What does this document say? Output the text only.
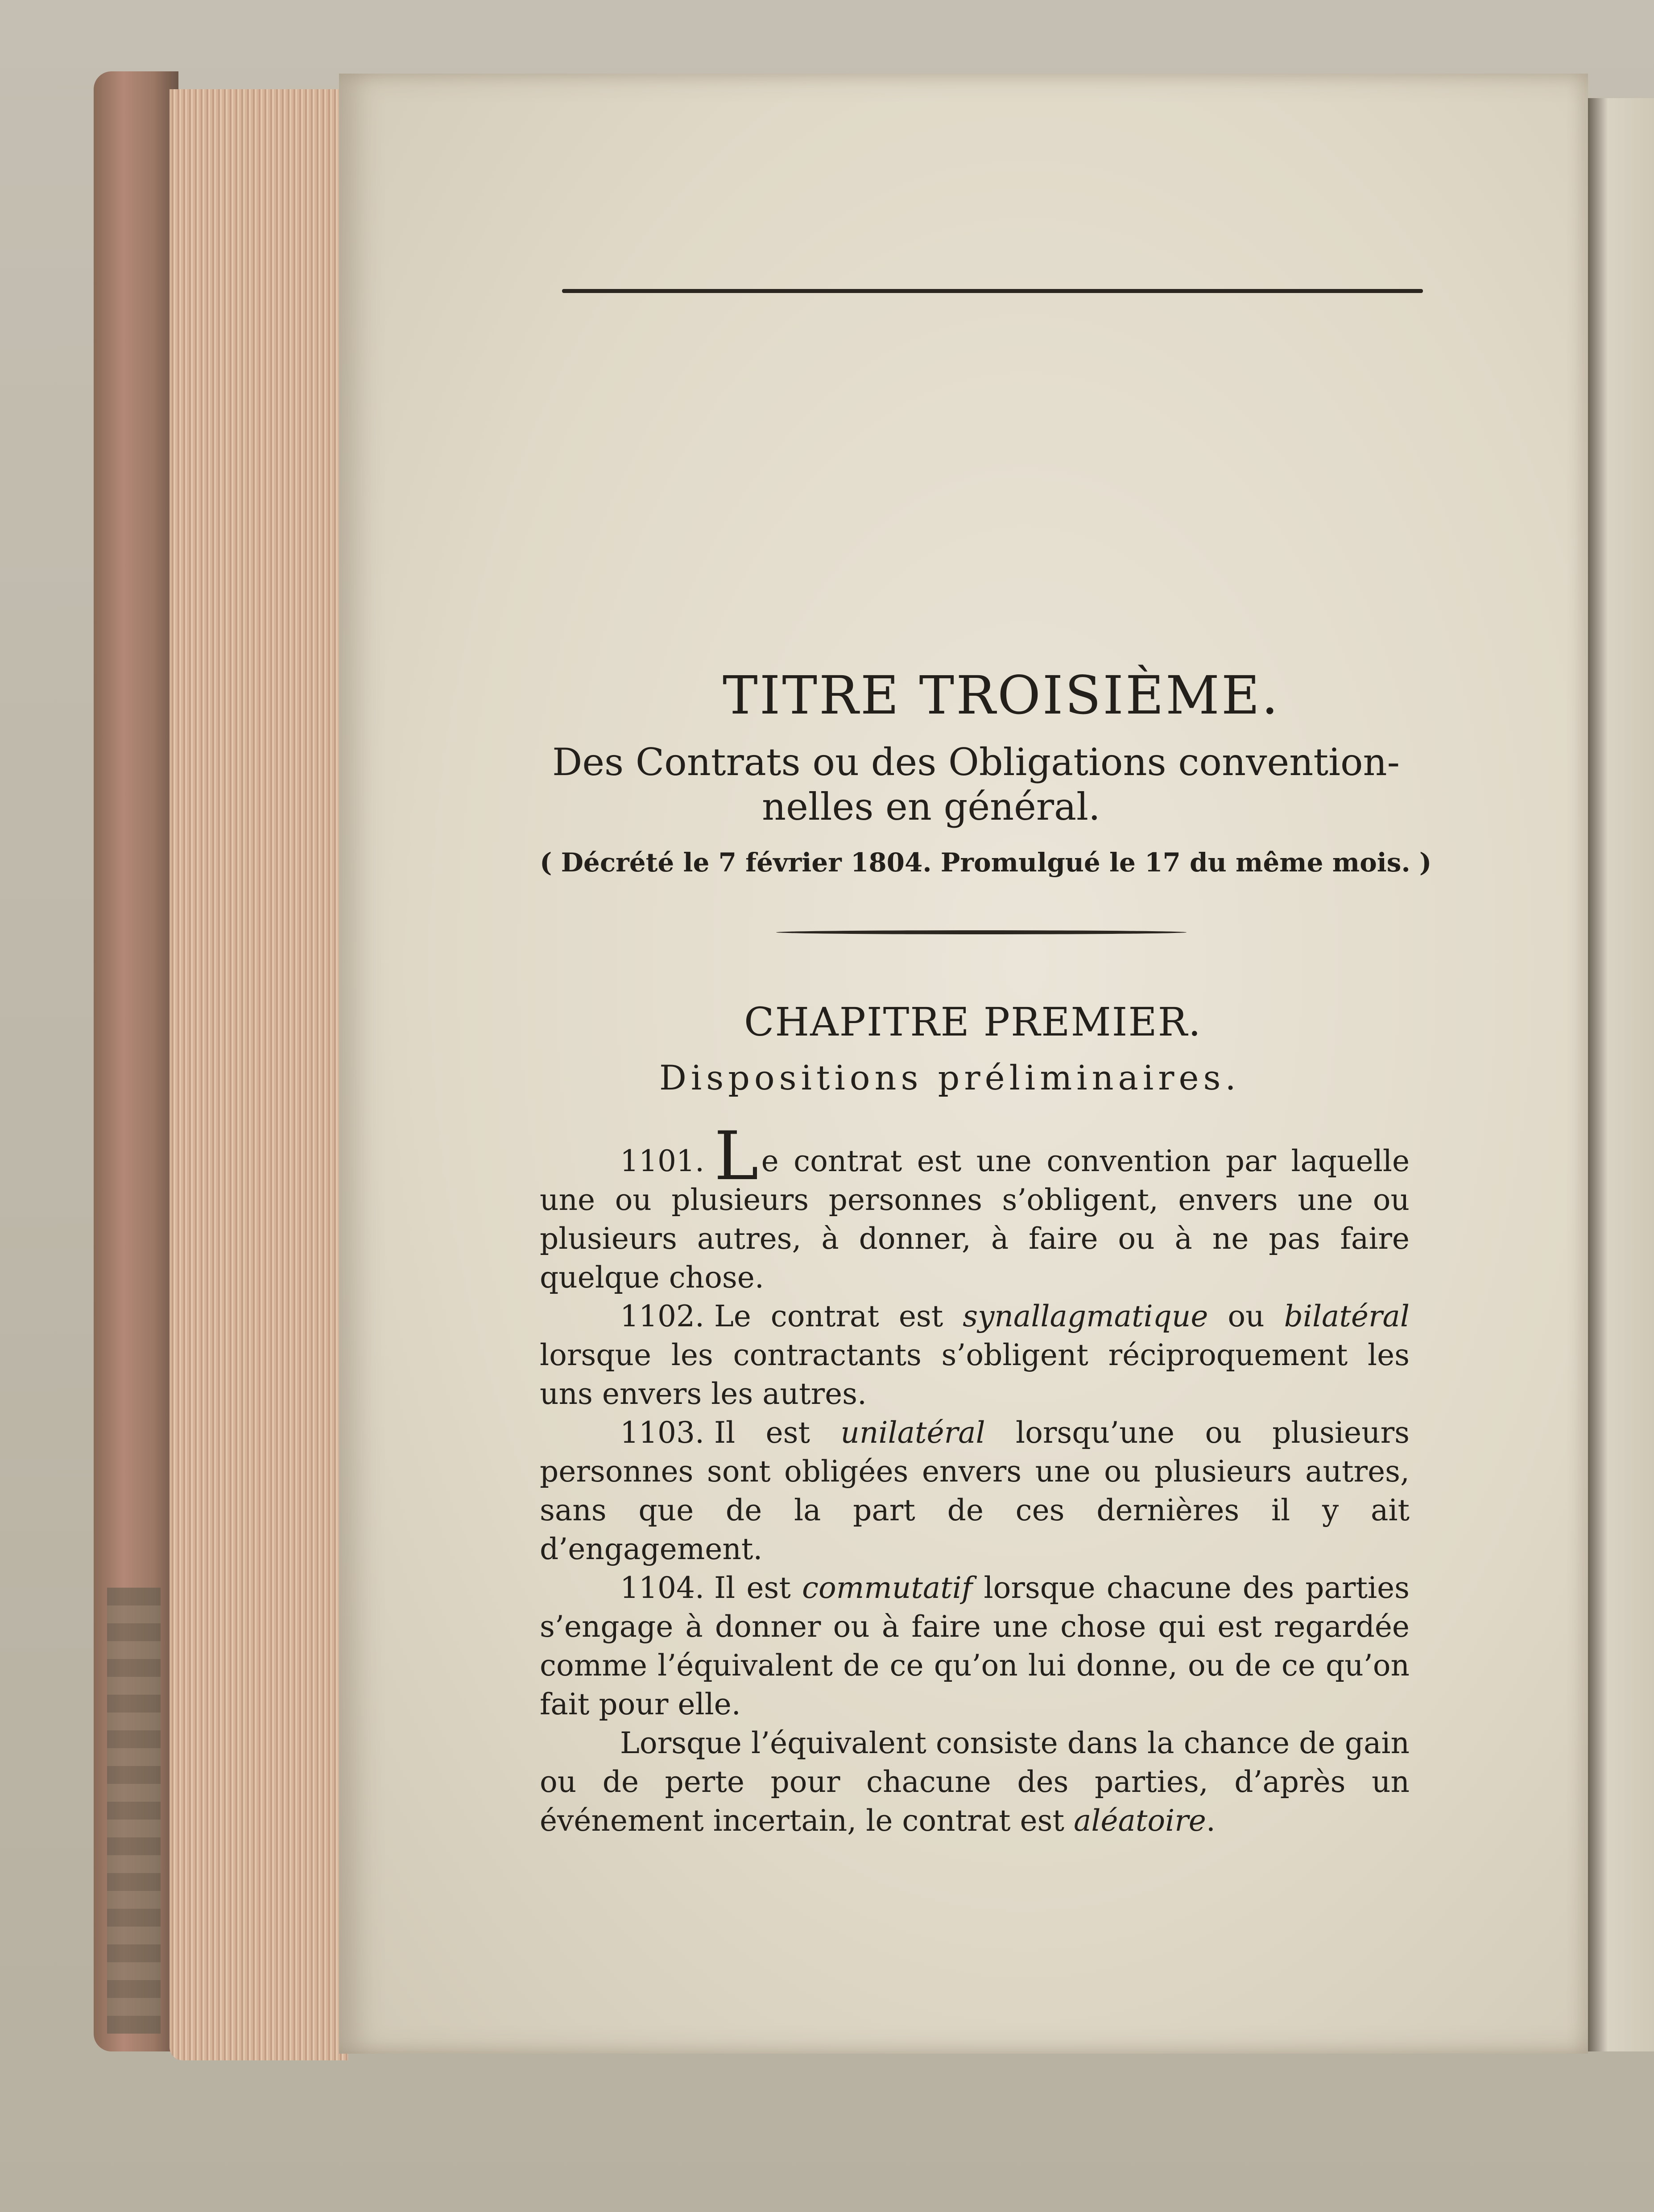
TITRE TROISIÈME.
Des Contrats ou des Obligations convention-
nelles en général.
( Décrété le 7 février 1804. Promulgué le 17 du même mois. )
CHAPITRE PREMIER.
Dispositions préliminaires.

1101. Le contrat est une convention par laquelle une ou plusieurs personnes s’obligent, envers une ou plusieurs autres, à donner, à faire ou à ne pas faire quelque chose.

1102. Le contrat est synallagmatique ou bilatéral lorsque les contractants s’obligent réciproquement les uns envers les autres.

1103. Il est unilatéral lorsqu’une ou plusieurs personnes sont obligées envers une ou plusieurs autres, sans que de la part de ces dernières il y ait d’engagement.

1104. Il est commutatif lorsque chacune des parties s’engage à donner ou à faire une chose qui est regardée comme l’équivalent de ce qu’on lui donne, ou de ce qu’on fait pour elle.

Lorsque l’équivalent consiste dans la chance de gain ou de perte pour chacune des parties, d’après un événement incertain, le contrat est aléatoire.
